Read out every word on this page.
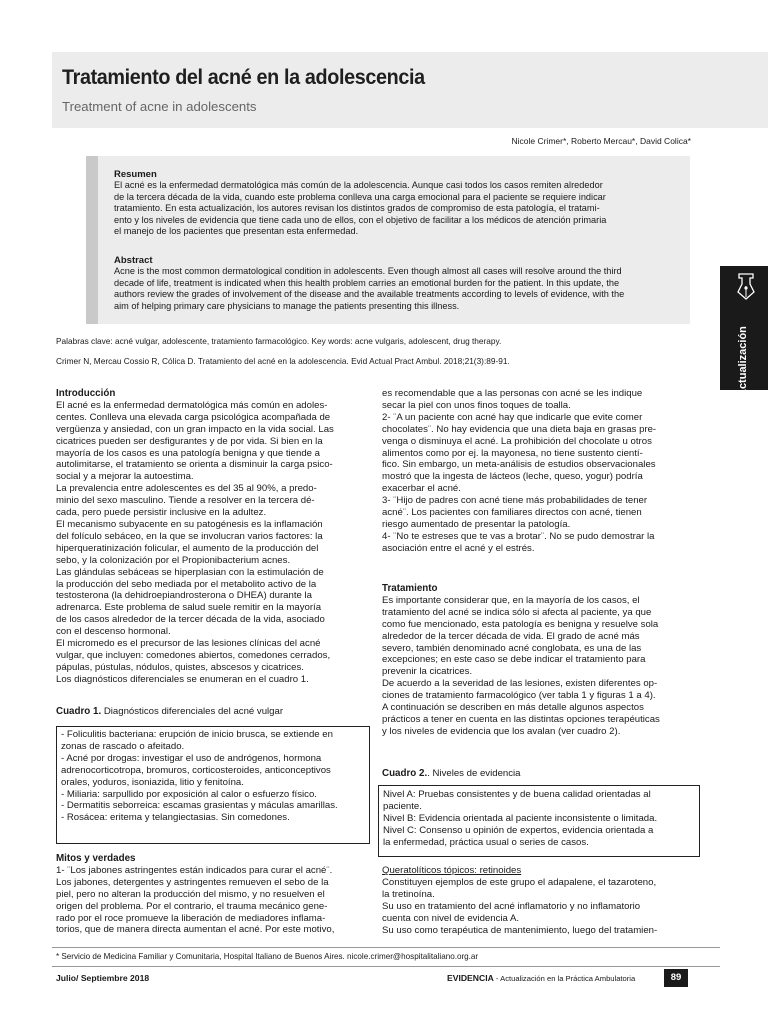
Tratamiento del acné en la adolescencia
Treatment of acne in adolescents
Nicole Crimer*, Roberto Mercau*, David Colica*
Resumen
El acné es la enfermedad dermatológica más común de la adolescencia. Aunque casi todos los casos remiten alrededor
de la tercera década de la vida, cuando este problema conlleva una carga emocional para el paciente se requiere indicar
tratamiento. En esta actualización, los autores revisan los distintos grados de compromiso de esta patología, el tratami-
ento y los niveles de evidencia que tiene cada uno de ellos, con el objetivo de facilitar a los médicos de atención primaria
el manejo de los pacientes que presentan esta enfermedad.
Abstract
Acne is the most common dermatological condition in adolescents. Even though almost all cases will resolve around the third
decade of life, treatment is indicated when this health problem carries an emotional burden for the patient. In this update, the
authors review the grades of involvement of the disease and the available treatments according to levels of evidence, with the
aim of helping primary care physicians to manage the patients presenting this illness.
Actualización
Palabras clave: acné vulgar, adolescente, tratamiento farmacológico. Key words: acne vulgaris, adolescent, drug therapy.
Crimer N, Mercau Cossio R, Cólica D. Tratamiento del acné en la adolescencia. Evid Actual Pract Ambul. 2018;21(3):89-91.
Introducción
El acné es la enfermedad dermatológica más común en adoles-
centes. Conlleva una elevada carga psicológica acompañada de
vergüenza y ansiedad, con un gran impacto en la vida social. Las
cicatrices pueden ser desfigurantes y de por vida. Si bien en la
mayoría de los casos es una patología benigna y que tiende a
autolimitarse, el tratamiento se orienta a disminuir la carga psico-
social y a mejorar la autoestima.
La prevalencia entre adolescentes es del 35 al 90%, a predo-
minio del sexo masculino. Tiende a resolver en la tercera dé-
cada, pero puede persistir inclusive en la adultez.
El mecanismo subyacente en su patogénesis es la inflamación
del folículo sebáceo, en la que se involucran varios factores: la
hiperqueratinización folicular, el aumento de la producción del
sebo, y la colonización por el Propionibacterium acnes.
Las glándulas sebáceas se hiperplasian con la estimulación de
la producción del sebo mediada por el metabolito activo de la
testosterona (la dehidroepiandrosterona o DHEA) durante la
adrenarca. Este problema de salud suele remitir en la mayoría
de los casos alrededor de la tercer década de la vida, asociado
con el descenso hormonal.
El micromedo es el precursor de las lesiones clínicas del acné
vulgar, que incluyen: comedones abiertos, comedones cerrados,
pápulas, pústulas, nódulos, quistes, abscesos y cicatrices.
Los diagnósticos diferenciales se enumeran en el cuadro 1.
Cuadro 1. Diagnósticos diferenciales del acné vulgar
- Foliculitis bacteriana: erupción de inicio brusca, se extiende en
zonas de rascado o afeitado.
- Acné por drogas: investigar el uso de andrógenos, hormona
adrenocorticotropa, bromuros, corticosteroides, anticonceptivos
orales, yoduros, isoniazida, litio y fenitoína.
- Miliaria: sarpullido por exposición al calor o esfuerzo físico.
- Dermatitis seborreica: escamas grasientas y máculas amarillas.
- Rosácea: eritema y telangiectasias. Sin comedones.
Mitos y verdades
1- ¨Los jabones astringentes están indicados para curar el acné¨.
Los jabones, detergentes y astringentes remueven el sebo de la
piel, pero no alteran la producción del mismo, y no resuelven el
origen del problema. Por el contrario, el trauma mecánico gene-
rado por el roce promueve la liberación de mediadores inflama-
torios, que de manera directa aumentan el acné. Por este motivo,
es recomendable que a las personas con acné se les indique
secar la piel con unos finos toques de toalla.
2- ¨A un paciente con acné hay que indicarle que evite comer
chocolates¨. No hay evidencia que una dieta baja en grasas pre-
venga o disminuya el acné. La prohibición del chocolate u otros
alimentos como por ej. la mayonesa, no tiene sustento cientí-
fico. Sin embargo, un meta-análisis de estudios observacionales
mostró que la ingesta de lácteos (leche, queso, yogur) podría
exacerbar el acné.
3- ¨Hijo de padres con acné tiene más probabilidades de tener
acné¨. Los pacientes con familiares directos con acné, tienen
riesgo aumentado de presentar la patología.
4- ¨No te estreses que te vas a brotar¨. No se pudo demostrar la
asociación entre el acné y el estrés.
Tratamiento
Es importante considerar que, en la mayoría de los casos, el
tratamiento del acné se indica sólo si afecta al paciente, ya que
como fue mencionado, esta patología es benigna y resuelve sola
alrededor de la tercer década de vida. El grado de acné más
severo, también denominado acné conglobata, es una de las
excepciones; en este caso se debe indicar el tratamiento para
prevenir la cicatrices.
De acuerdo a la severidad de las lesiones, existen diferentes op-
ciones de tratamiento farmacológico (ver tabla 1 y figuras 1 a 4).
A continuación se describen en más detalle algunos aspectos
prácticos a tener en cuenta en las distintas opciones terapéuticas
y los niveles de evidencia que los avalan (ver cuadro 2).
Cuadro 2.. Niveles de evidencia
Nivel A: Pruebas consistentes y de buena calidad orientadas al
paciente.
Nivel B: Evidencia orientada al paciente inconsistente o limitada.
Nivel C: Consenso u opinión de expertos, evidencia orientada a
la enfermedad, práctica usual o series de casos.
Queratolíticos tópicos: retinoides
Constituyen ejemplos de este grupo el adapalene, el tazaroteno,
la tretinoína.
Su uso en tratamiento del acné inflamatorio y no inflamatorio
cuenta con nivel de evidencia A.
Su uso como terapéutica de mantenimiento, luego del tratamien-
* Servicio de Medicina Familiar y Comunitaria, Hospital Italiano de Buenos Aires. nicole.crimer@hospitalitaliano.org.ar
Julio/ Septiembre 2018	EVIDENCIA - Actualización en la Práctica Ambulatoria	89
